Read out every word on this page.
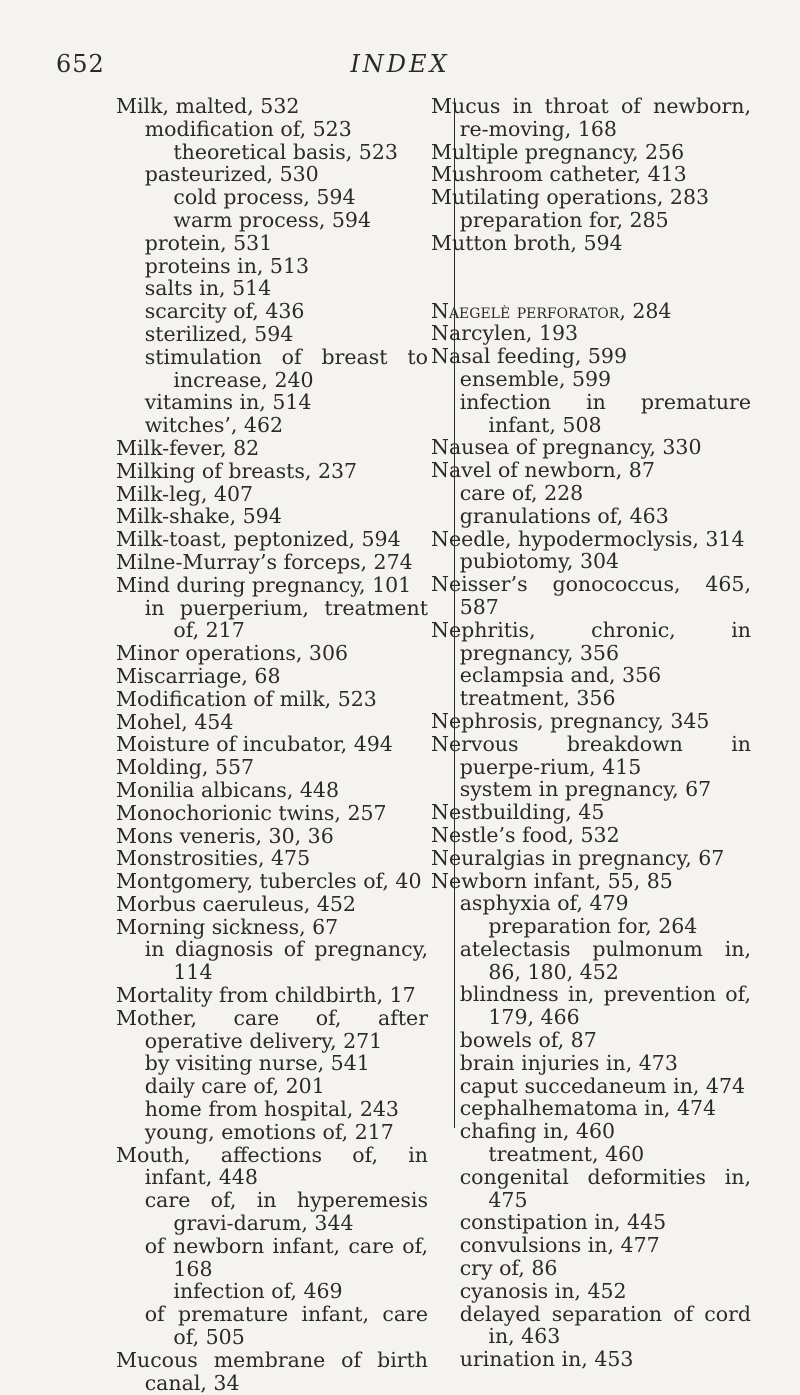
652	INDEX
Milk, malted, 532
modification of, 523
theoretical basis, 523
pasteurized, 530
cold process, 594
warm process, 594
protein, 531
proteins in, 513
salts in, 514
scarcity of, 436
sterilized, 594
stimulation of breast to increase, 240
vitamins in, 514
witches’, 462
Milk-fever, 82
Milking of breasts, 237
Milk-leg, 407
Milk-shake, 594
Milk-toast, peptonized, 594
Milne-Murray’s forceps, 274
Mind during pregnancy, 101
in puerperium, treatment of, 217
Minor operations, 306
Miscarriage, 68
Modification of milk, 523
Mohel, 454
Moisture of incubator, 494
Molding, 557
Monilia albicans, 448
Monochorionic twins, 257
Mons veneris, 30, 36
Monstrosities, 475
Montgomery, tubercles of, 40
Morbus caeruleus, 452
Morning sickness, 67
in diagnosis of pregnancy, 114
Mortality from childbirth, 17
Mother, care of, after operative delivery, 271
by visiting nurse, 541
daily care of, 201
home from hospital, 243
young, emotions of, 217
Mouth, affections of, in infant, 448
care of, in hyperemesis gravi-darum, 344
of newborn infant, care of, 168
infection of, 469
of premature infant, care of, 505
Mucous membrane of birth canal, 34
Mucus in throat of newborn, re-moving, 168
Multiple pregnancy, 256
Mushroom catheter, 413
Mutilating operations, 283
preparation for, 285
Mutton broth, 594
Naegelè perforator, 284
Narcylen, 193
Nasal feeding, 599
ensemble, 599
infection in premature infant, 508
Nausea of pregnancy, 330
Navel of newborn, 87
care of, 228
granulations of, 463
Needle, hypodermoclysis, 314
pubiotomy, 304
Neisser’s gonococcus, 465, 587
Nephritis, chronic, in pregnancy, 356
eclampsia and, 356
treatment, 356
Nephrosis, pregnancy, 345
Nervous breakdown in puerpe-rium, 415
system in pregnancy, 67
Nestbuilding, 45
Nestle’s food, 532
Neuralgias in pregnancy, 67
Newborn infant, 55, 85
asphyxia of, 479
preparation for, 264
atelectasis pulmonum in, 86, 180, 452
blindness in, prevention of, 179, 466
bowels of, 87
brain injuries in, 473
caput succedaneum in, 474
cephalhematoma in, 474
chafing in, 460
treatment, 460
congenital deformities in, 475
constipation in, 445
convulsions in, 477
cry of, 86
cyanosis in, 452
delayed separation of cord in, 463
urination in, 453
